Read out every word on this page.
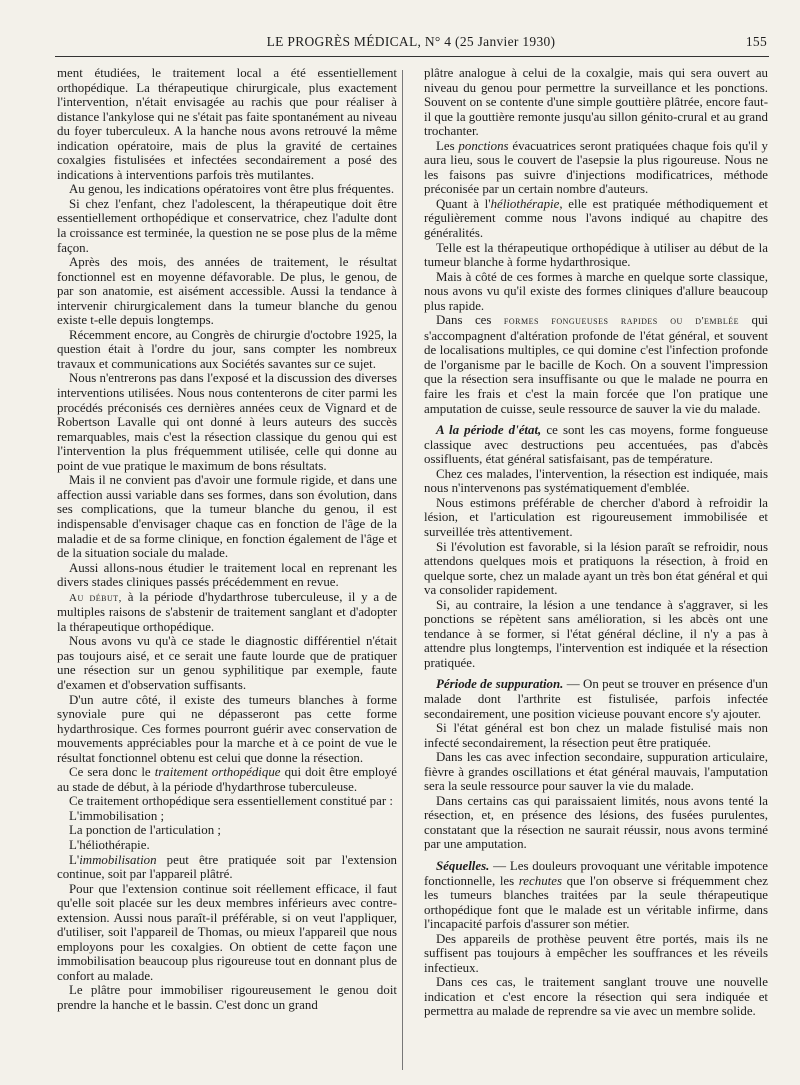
LE PROGRÈS MÉDICAL, N° 4 (25 Janvier 1930)	155

ment étudiées, le traitement local a été essentiellement orthopédique. La thérapeutique chirurgicale, plus exactement l'intervention, n'était envisagée au rachis que pour réaliser à distance l'ankylose qui ne s'était pas faite spontanément au niveau du foyer tuberculeux. A la hanche nous avons retrouvé la même indication opératoire, mais de plus la gravité de certaines coxalgies fistulisées et infectées secondairement a posé des indications à interventions parfois très mutilantes.

Au genou, les indications opératoires vont être plus fréquentes.

Si chez l'enfant, chez l'adolescent, la thérapeutique doit être essentiellement orthopédique et conservatrice, chez l'adulte dont la croissance est terminée, la question ne se pose plus de la même façon.

Après des mois, des années de traitement, le résultat fonctionnel est en moyenne défavorable. De plus, le genou, de par son anatomie, est aisément accessible. Aussi la tendance à intervenir chirurgicalement dans la tumeur blanche du genou existe t-elle depuis longtemps.

Récemment encore, au Congrès de chirurgie d'octobre 1925, la question était à l'ordre du jour, sans compter les nombreux travaux et communications aux Sociétés savantes sur ce sujet.

Nous n'entrerons pas dans l'exposé et la discussion des diverses interventions utilisées. Nous nous contenterons de citer parmi les procédés préconisés ces dernières années ceux de Vignard et de Robertson Lavalle qui ont donné à leurs auteurs des succès remarquables, mais c'est la résection classique du genou qui est l'intervention la plus fréquemment utilisée, celle qui donne au point de vue pratique le maximum de bons résultats.

Mais il ne convient pas d'avoir une formule rigide, et dans une affection aussi variable dans ses formes, dans son évolution, dans ses complications, que la tumeur blanche du genou, il est indispensable d'envisager chaque cas en fonction de l'âge de la maladie et de sa forme clinique, en fonction également de l'âge et de la situation sociale du malade.

Aussi allons-nous étudier le traitement local en reprenant les divers stades cliniques passés précédemment en revue.

Au début, à la période d'hydarthrose tuberculeuse, il y a de multiples raisons de s'abstenir de traitement sanglant et d'adopter la thérapeutique orthopédique.

Nous avons vu qu'à ce stade le diagnostic différentiel n'était pas toujours aisé, et ce serait une faute lourde que de pratiquer une résection sur un genou syphilitique par exemple, faute d'examen et d'observation suffisants.

D'un autre côté, il existe des tumeurs blanches à forme synoviale pure qui ne dépasseront pas cette forme hydarthrosique. Ces formes pourront guérir avec conservation de mouvements appréciables pour la marche et à ce point de vue le résultat fonctionnel obtenu est celui que donne la résection.

Ce sera donc le traitement orthopédique qui doit être employé au stade de début, à la période d'hydarthrose tuberculeuse.

Ce traitement orthopédique sera essentiellement constitué par :

L'immobilisation ;

La ponction de l'articulation ;

L'héliothérapie.

L'immobilisation peut être pratiquée soit par l'extension continue, soit par l'appareil plâtré.

Pour que l'extension continue soit réellement efficace, il faut qu'elle soit placée sur les deux membres inférieurs avec contre-extension. Aussi nous paraît-il préférable, si on veut l'appliquer, d'utiliser, soit l'appareil de Thomas, ou mieux l'appareil que nous employons pour les coxalgies. On obtient de cette façon une immobilisation beaucoup plus rigoureuse tout en donnant plus de confort au malade.

Le plâtre pour immobiliser rigoureusement le genou doit prendre la hanche et le bassin. C'est donc un grand

plâtre analogue à celui de la coxalgie, mais qui sera ouvert au niveau du genou pour permettre la surveillance et les ponctions. Souvent on se contente d'une simple gouttière plâtrée, encore faut-il que la gouttière remonte jusqu'au sillon génito-crural et au grand trochanter.

Les ponctions évacuatrices seront pratiquées chaque fois qu'il y aura lieu, sous le couvert de l'asepsie la plus rigoureuse. Nous ne les faisons pas suivre d'injections modificatrices, méthode préconisée par un certain nombre d'auteurs.

Quant à l'héliothérapie, elle est pratiquée méthodiquement et régulièrement comme nous l'avons indiqué au chapitre des généralités.

Telle est la thérapeutique orthopédique à utiliser au début de la tumeur blanche à forme hydarthrosique.

Mais à côté de ces formes à marche en quelque sorte classique, nous avons vu qu'il existe des formes cliniques d'allure beaucoup plus rapide.

Dans ces formes fongueuses rapides ou d'emblée qui s'accompagnent d'altération profonde de l'état général, et souvent de localisations multiples, ce qui domine c'est l'infection profonde de l'organisme par le bacille de Koch. On a souvent l'impression que la résection sera insuffisante ou que le malade ne pourra en faire les frais et c'est la main forcée que l'on pratique une amputation de cuisse, seule ressource de sauver la vie du malade.

A la période d'état, ce sont les cas moyens, forme fongueuse classique avec destructions peu accentuées, pas d'abcès ossifluents, état général satisfaisant, pas de température.

Chez ces malades, l'intervention, la résection est indiquée, mais nous n'intervenons pas systématiquement d'emblée.

Nous estimons préférable de chercher d'abord à refroidir la lésion, et l'articulation est rigoureusement immobilisée et surveillée très attentivement.

Si l'évolution est favorable, si la lésion paraît se refroidir, nous attendons quelques mois et pratiquons la résection, à froid en quelque sorte, chez un malade ayant un très bon état général et qui va consolider rapidement.

Si, au contraire, la lésion a une tendance à s'aggraver, si les ponctions se répètent sans amélioration, si les abcès ont une tendance à se former, si l'état général décline, il n'y a pas à attendre plus longtemps, l'intervention est indiquée et la résection pratiquée.

Période de suppuration. — On peut se trouver en présence d'un malade dont l'arthrite est fistulisée, parfois infectée secondairement, une position vicieuse pouvant encore s'y ajouter.

Si l'état général est bon chez un malade fistulisé mais non infecté secondairement, la résection peut être pratiquée.

Dans les cas avec infection secondaire, suppuration articulaire, fièvre à grandes oscillations et état général mauvais, l'amputation sera la seule ressource pour sauver la vie du malade.

Dans certains cas qui paraissaient limités, nous avons tenté la résection, et, en présence des lésions, des fusées purulentes, constatant que la résection ne saurait réussir, nous avons terminé par une amputation.

Séquelles. — Les douleurs provoquant une véritable impotence fonctionnelle, les rechutes que l'on observe si fréquemment chez les tumeurs blanches traitées par la seule thérapeutique orthopédique font que le malade est un véritable infirme, dans l'incapacité parfois d'assurer son métier.

Des appareils de prothèse peuvent être portés, mais ils ne suffisent pas toujours à empêcher les souffrances et les réveils infectieux.

Dans ces cas, le traitement sanglant trouve une nouvelle indication et c'est encore la résection qui sera indiquée et permettra au malade de reprendre sa vie avec un membre solide.
